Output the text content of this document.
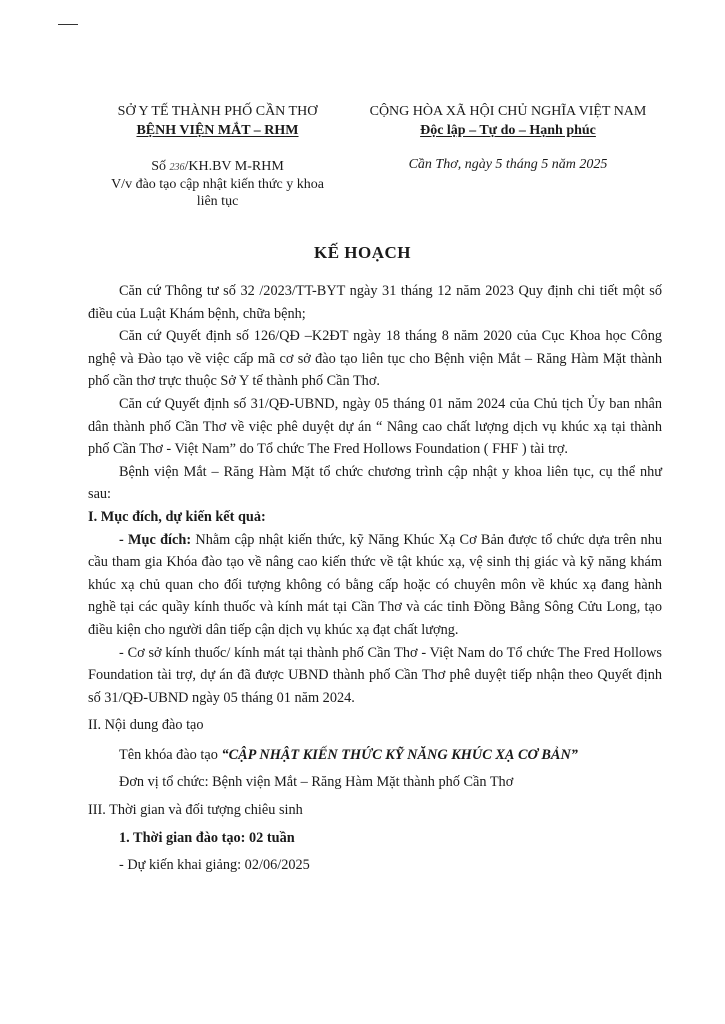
SỞ Y TẾ THÀNH PHỐ CẦN THƠ
BỆNH VIỆN MẮT – RHM
CỘNG HÒA XÃ HỘI CHỦ NGHĨA VIỆT NAM
Độc lập – Tự do – Hạnh phúc
Số 236/KH.BV M-RHM
V/v đào tạo cập nhật kiến thức y khoa
liên tục
Cần Thơ, ngày 5 tháng 5 năm 2025
KẾ HOẠCH

Căn cứ Thông tư số 32 /2023/TT-BYT ngày 31 tháng 12 năm 2023 Quy định chi tiết một số điều của Luật Khám bệnh, chữa bệnh;

Căn cứ Quyết định số 126/QĐ –K2ĐT ngày 18 tháng 8 năm 2020 của Cục Khoa học Công nghệ và Đào tạo về việc cấp mã cơ sở đào tạo liên tục cho Bệnh viện Mắt – Răng Hàm Mặt thành phố cần thơ trực thuộc Sở Y tế thành phố Cần Thơ.

Căn cứ Quyết định số 31/QĐ-UBND, ngày 05 tháng 01 năm 2024 của Chủ tịch Ủy ban nhân dân thành phố Cần Thơ về việc phê duyệt dự án “ Nâng cao chất lượng dịch vụ khúc xạ tại thành phố Cần Thơ - Việt Nam” do Tổ chức The Fred Hollows Foundation ( FHF ) tài trợ.

Bệnh viện Mắt – Răng Hàm Mặt tổ chức chương trình cập nhật y khoa liên tục, cụ thể như sau:

I. Mục đích, dự kiến kết quả:

- Mục đích: Nhằm cập nhật kiến thức, kỹ Năng Khúc Xạ Cơ Bản được tổ chức dựa trên nhu cầu tham gia Khóa đào tạo về nâng cao kiến thức về tật khúc xạ, vệ sinh thị giác và kỹ năng khám khúc xạ chủ quan cho đối tượng không có bằng cấp hoặc có chuyên môn về khúc xạ đang hành nghề tại các quầy kính thuốc và kính mát tại Cần Thơ và các tỉnh Đồng Bằng Sông Cửu Long, tạo điều kiện cho người dân tiếp cận dịch vụ khúc xạ đạt chất lượng.

- Cơ sở kính thuốc/ kính mát tại thành phố Cần Thơ - Việt Nam do Tổ chức The Fred Hollows Foundation tài trợ, dự án đã được UBND thành phố Cần Thơ phê duyệt tiếp nhận theo Quyết định số 31/QĐ-UBND ngày 05 tháng 01 năm 2024.

II. Nội dung đào tạo

Tên khóa đào tạo “CẬP NHẬT KIẾN THỨC KỸ NĂNG KHÚC XẠ CƠ BẢN”

Đơn vị tổ chức: Bệnh viện Mắt – Răng Hàm Mặt thành phố Cần Thơ

III. Thời gian và đối tượng chiêu sinh

1. Thời gian đào tạo: 02 tuần

- Dự kiến khai giảng: 02/06/2025
